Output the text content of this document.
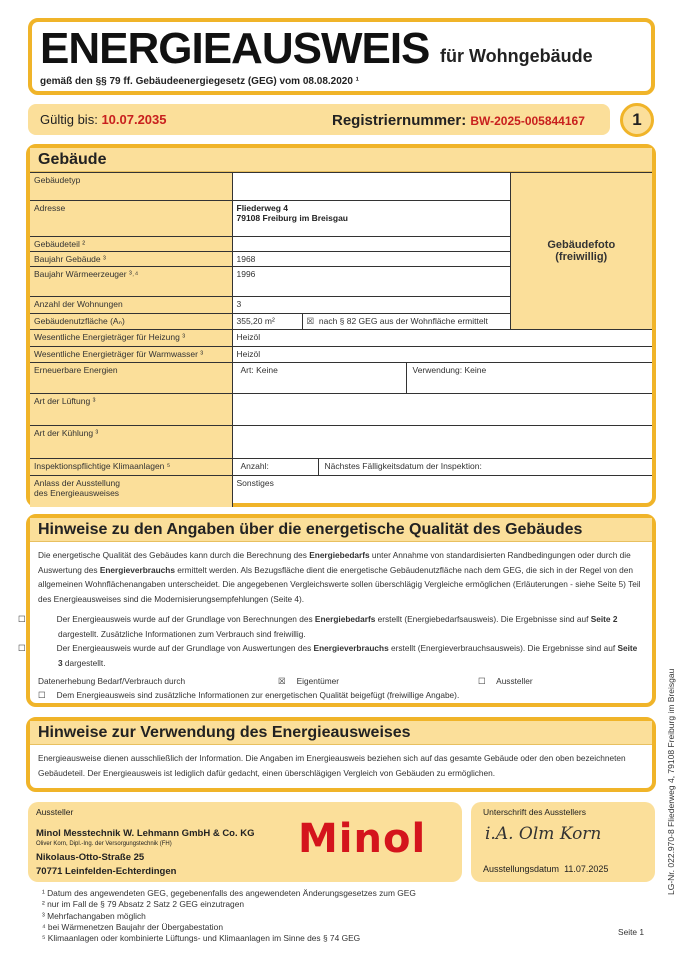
ENERGIEAUSWEIS für Wohngebäude
gemäß den §§ 79 ff. Gebäudeenergiegesetz (GEG) vom 08.08.2020 ¹
Gültig bis: 10.07.2035	Registriernummer: BW-2025-005844167	1
Gebäude
Gebäudetyp			Gebäudefoto
(freiwillig)

Adresse	Fliederweg 4
79108 Freiburg im Breisgau		

Gebäudeteil ²			
Baujahr Gebäude ³	1968		
Baujahr Wärmeerzeuger ³˒⁴	1996		
Anzahl der Wohnungen	3		
Gebäudenutzfläche (Aₙ)	355,20 m²	☒ nach § 82 GEG aus der Wohnfläche ermittelt	
Wesentliche Energieträger für Heizung ³	Heizöl		
Wesentliche Energieträger für Warmwasser ³	Heizöl		
Erneuerbare Energien	Art: Keine Verwendung: Keine		

Art der Lüftung ³			
Art der Kühlung ³			
Inspektionspflichtige Klimaanlagen ⁵	Anzahl: Nächstes Fälligkeitsdatum der Inspektion:		

Anlass der Ausstellung
des Energieausweises	Sonstiges		
Hinweise zu den Angaben über die energetische Qualität des Gebäudes

Die energetische Qualität des Gebäudes kann durch die Berechnung des Energiebedarfs unter Annahme von standardisierten Randbedingungen oder durch die Auswertung des Energieverbrauchs ermittelt werden. Als Bezugsfläche dient die energetische Gebäudenutzfläche nach dem GEG, die sich in der Regel von den allgemeinen Wohnflächenangaben unterscheidet. Die angegebenen Vergleichswerte sollen überschlägig Vergleiche ermöglichen (Erläuterungen - siehe Seite 5) Teil des Energieausweises sind die Modernisierungsempfehlungen (Seite 4).

☐	Der Energieausweis wurde auf der Grundlage von Berechnungen des Energiebedarfs erstellt (Energiebedarfsausweis). Die Ergebnisse sind auf Seite 2 dargestellt. Zusätzliche Informationen zum Verbrauch sind freiwillig.

☐	Der Energieausweis wurde auf der Grundlage von Auswertungen des Energieverbrauchs erstellt (Energieverbrauchsausweis). Die Ergebnisse sind auf Seite 3 dargestellt.

Datenerhebung Bedarf/Verbrauch durch	☒ Eigentümer	☐ Aussteller

☐ Dem Energieausweis sind zusätzliche Informationen zur energetischen Qualität beigefügt (freiwillige Angabe).

Hinweise zur Verwendung des Energieausweises
Energieausweise dienen ausschließlich der Information. Die Angaben im Energieausweis beziehen sich auf das gesamte Gebäude oder den oben bezeichneten Gebäudeteil. Der Energieausweis ist lediglich dafür gedacht, einen überschlägigen Vergleich von Gebäuden zu ermöglichen.
Aussteller
Minol Messtechnik W. Lehmann GmbH & Co. KG
Oliver Korn, Dipl.-Ing. der Versorgungstechnik (FH)
Nikolaus-Otto-Straße 25
70771 Leinfelden-Echterdingen
Minol
Unterschrift des Ausstellers
i.A. Olm Korn
Ausstellungsdatum 11.07.2025
¹ Datum des angewendeten GEG, gegebenenfalls des angewendeten Änderungsgesetzes zum GEG
² nur im Fall de § 79 Absatz 2 Satz 2 GEG einzutragen
³ Mehrfachangaben möglich
⁴ bei Wärmenetzen Baujahr der Übergabestation
⁵ Klimaanlagen oder kombinierte Lüftungs- und Klimaanlagen im Sinne des § 74 GEG
Seite 1
LG-Nr. 022.970-8 Fliederweg 4, 79108 Freiburg im Breisgau
